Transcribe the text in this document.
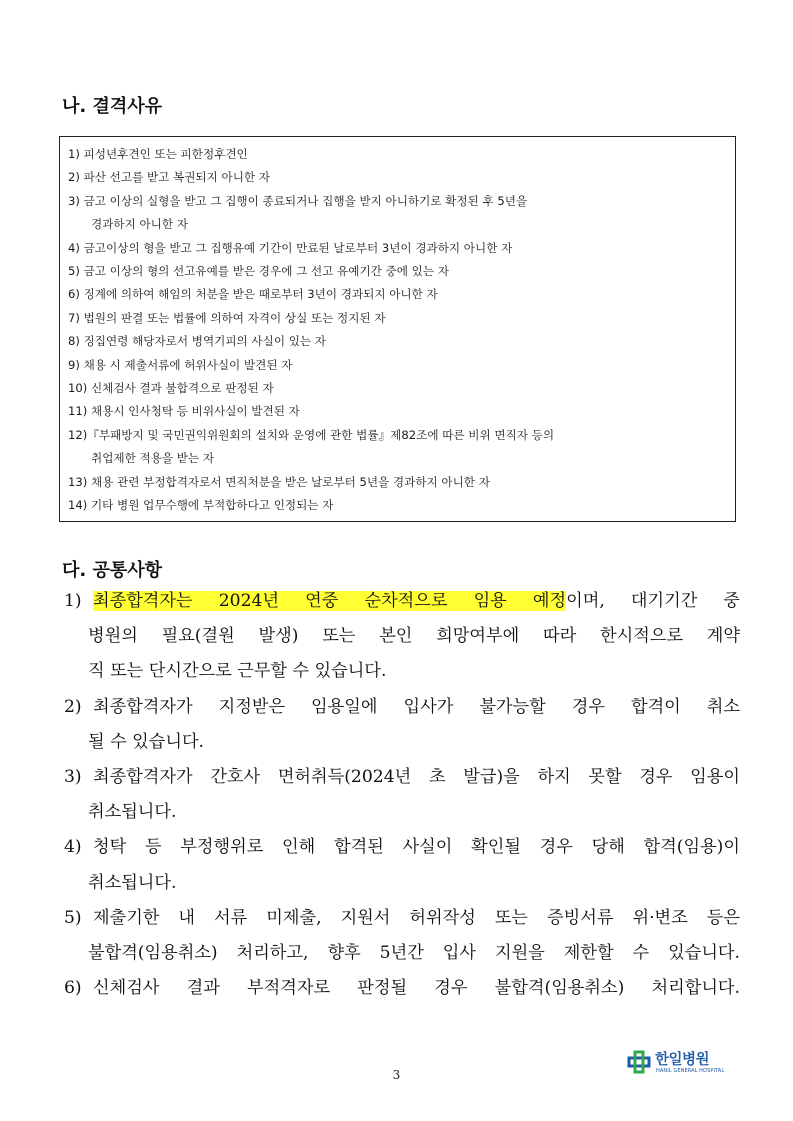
나. 결격사유
1) 피성년후견인 또는 피한정후견인
2) 파산 선고를 받고 복권되지 아니한 자
3) 금고 이상의 실형을 받고 그 집행이 종료되거나 집행을 받지 아니하기로 확정된 후 5년을
경과하지 아니한 자
4) 금고이상의 형을 받고 그 집행유예 기간이 만료된 날로부터 3년이 경과하지 아니한 자
5) 금고 이상의 형의 선고유예를 받은 경우에 그 선고 유예기간 중에 있는 자
6) 징계에 의하여 해임의 처분을 받은 때로부터 3년이 경과되지 아니한 자
7) 법원의 판결 또는 법률에 의하여 자격이 상실 또는 정지된 자
8) 징집연령 해당자로서 병역기피의 사실이 있는 자
9) 채용 시 제출서류에 허위사실이 발견된 자
10) 신체검사 결과 불합격으로 판정된 자
11) 채용시 인사청탁 등 비위사실이 발견된 자
12)『부패방지 및 국민권익위원회의 설치와 운영에 관한 법률』제82조에 따른 비위 면직자 등의
취업제한 적용을 받는 자
13) 채용 관련 부정합격자로서 면직처분을 받은 날로부터 5년을 경과하지 아니한 자
14) 기타 병원 업무수행에 부적합하다고 인정되는 자
다. 공통사항
1) 최종합격자는 2024년 연중 순차적으로 임용 예정이며, 대기기간 중
병원의 필요(결원 발생) 또는 본인 희망여부에 따라 한시적으로 계약
직 또는 단시간으로 근무할 수 있습니다.
2) 최종합격자가 지정받은 임용일에 입사가 불가능할 경우 합격이 취소
될 수 있습니다.
3) 최종합격자가 간호사 면허취득(2024년 초 발급)을 하지 못할 경우 임용이
취소됩니다.
4) 청탁 등 부정행위로 인해 합격된 사실이 확인될 경우 당해 합격(임용)이
취소됩니다.
5) 제출기한 내 서류 미제출, 지원서 허위작성 또는 증빙서류 위·변조 등은
불합격(임용취소) 처리하고, 향후 5년간 입사 지원을 제한할 수 있습니다.
6) 신체검사 결과 부적격자로 판정될 경우 불합격(임용취소) 처리합니다.
3
한일병원
HANIL GENERAL HOSPITAL
